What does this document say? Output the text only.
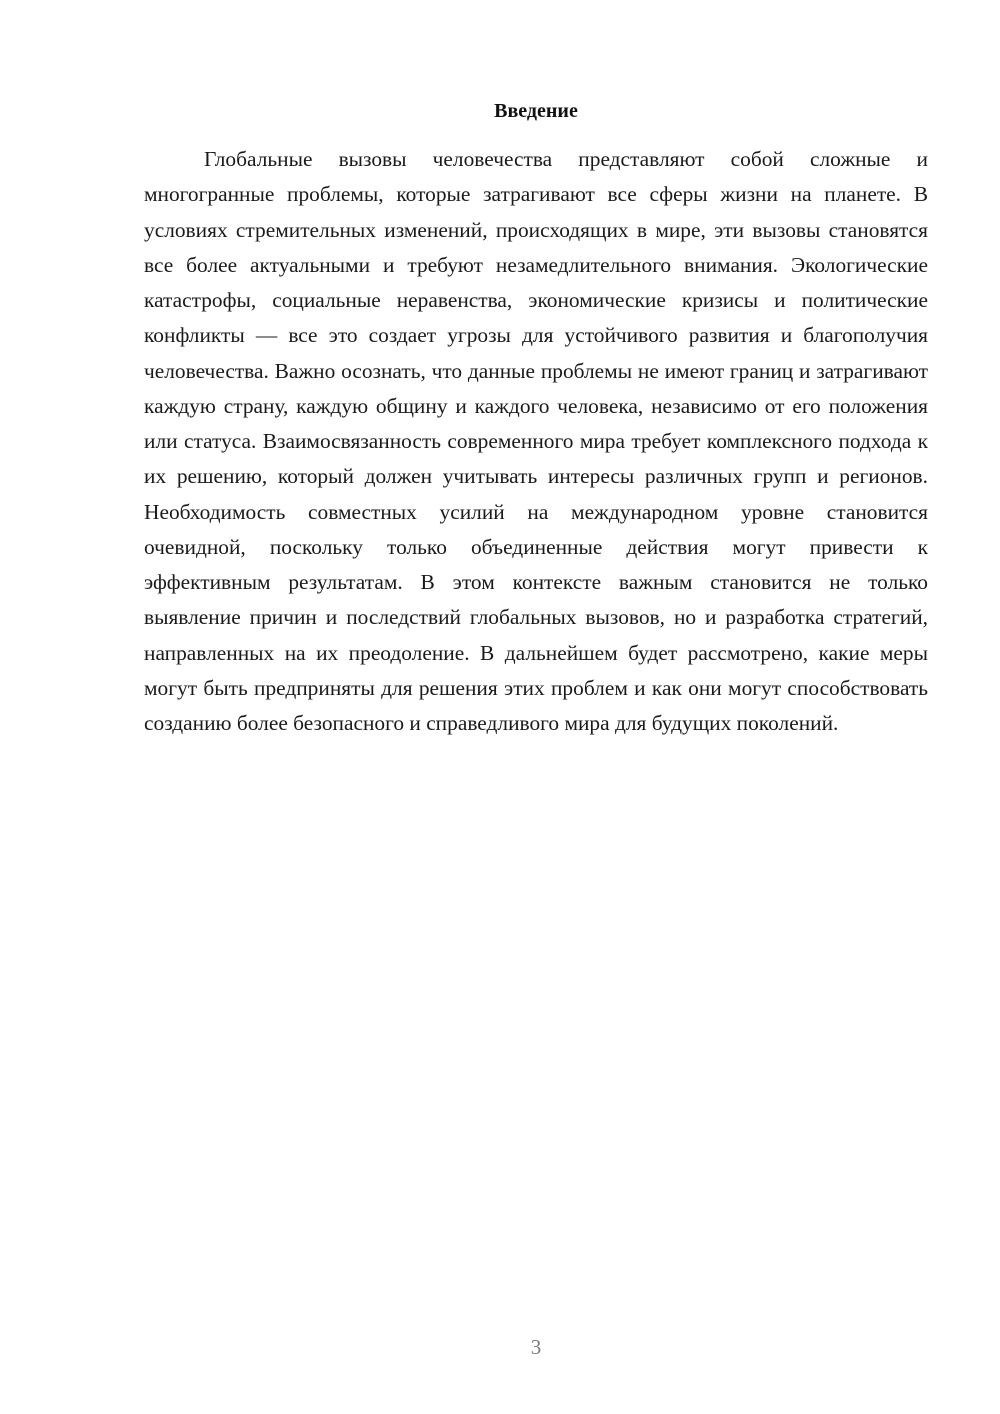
Введение

Глобальные вызовы человечества представляют собой сложные и многогранные проблемы, которые затрагивают все сферы жизни на планете. В условиях стремительных изменений, происходящих в мире, эти вызовы становятся все более актуальными и требуют незамедлительного внимания. Экологические катастрофы, социальные неравенства, экономические кризисы и политические конфликты — все это создает угрозы для устойчивого развития и благополучия человечества. Важно осознать, что данные проблемы не имеют границ и затрагивают каждую страну, каждую общину и каждого человека, независимо от его положения или статуса. Взаимосвязанность современного мира требует комплексного подхода к их решению, который должен учитывать интересы различных групп и регионов. Необходимость совместных усилий на международном уровне становится очевидной, поскольку только объединенные действия могут привести к эффективным результатам. В этом контексте важным становится не только выявление причин и последствий глобальных вызовов, но и разработка стратегий, направленных на их преодоление. В дальнейшем будет рассмотрено, какие меры могут быть предприняты для решения этих проблем и как они могут способствовать созданию более безопасного и справедливого мира для будущих поколений.

3
